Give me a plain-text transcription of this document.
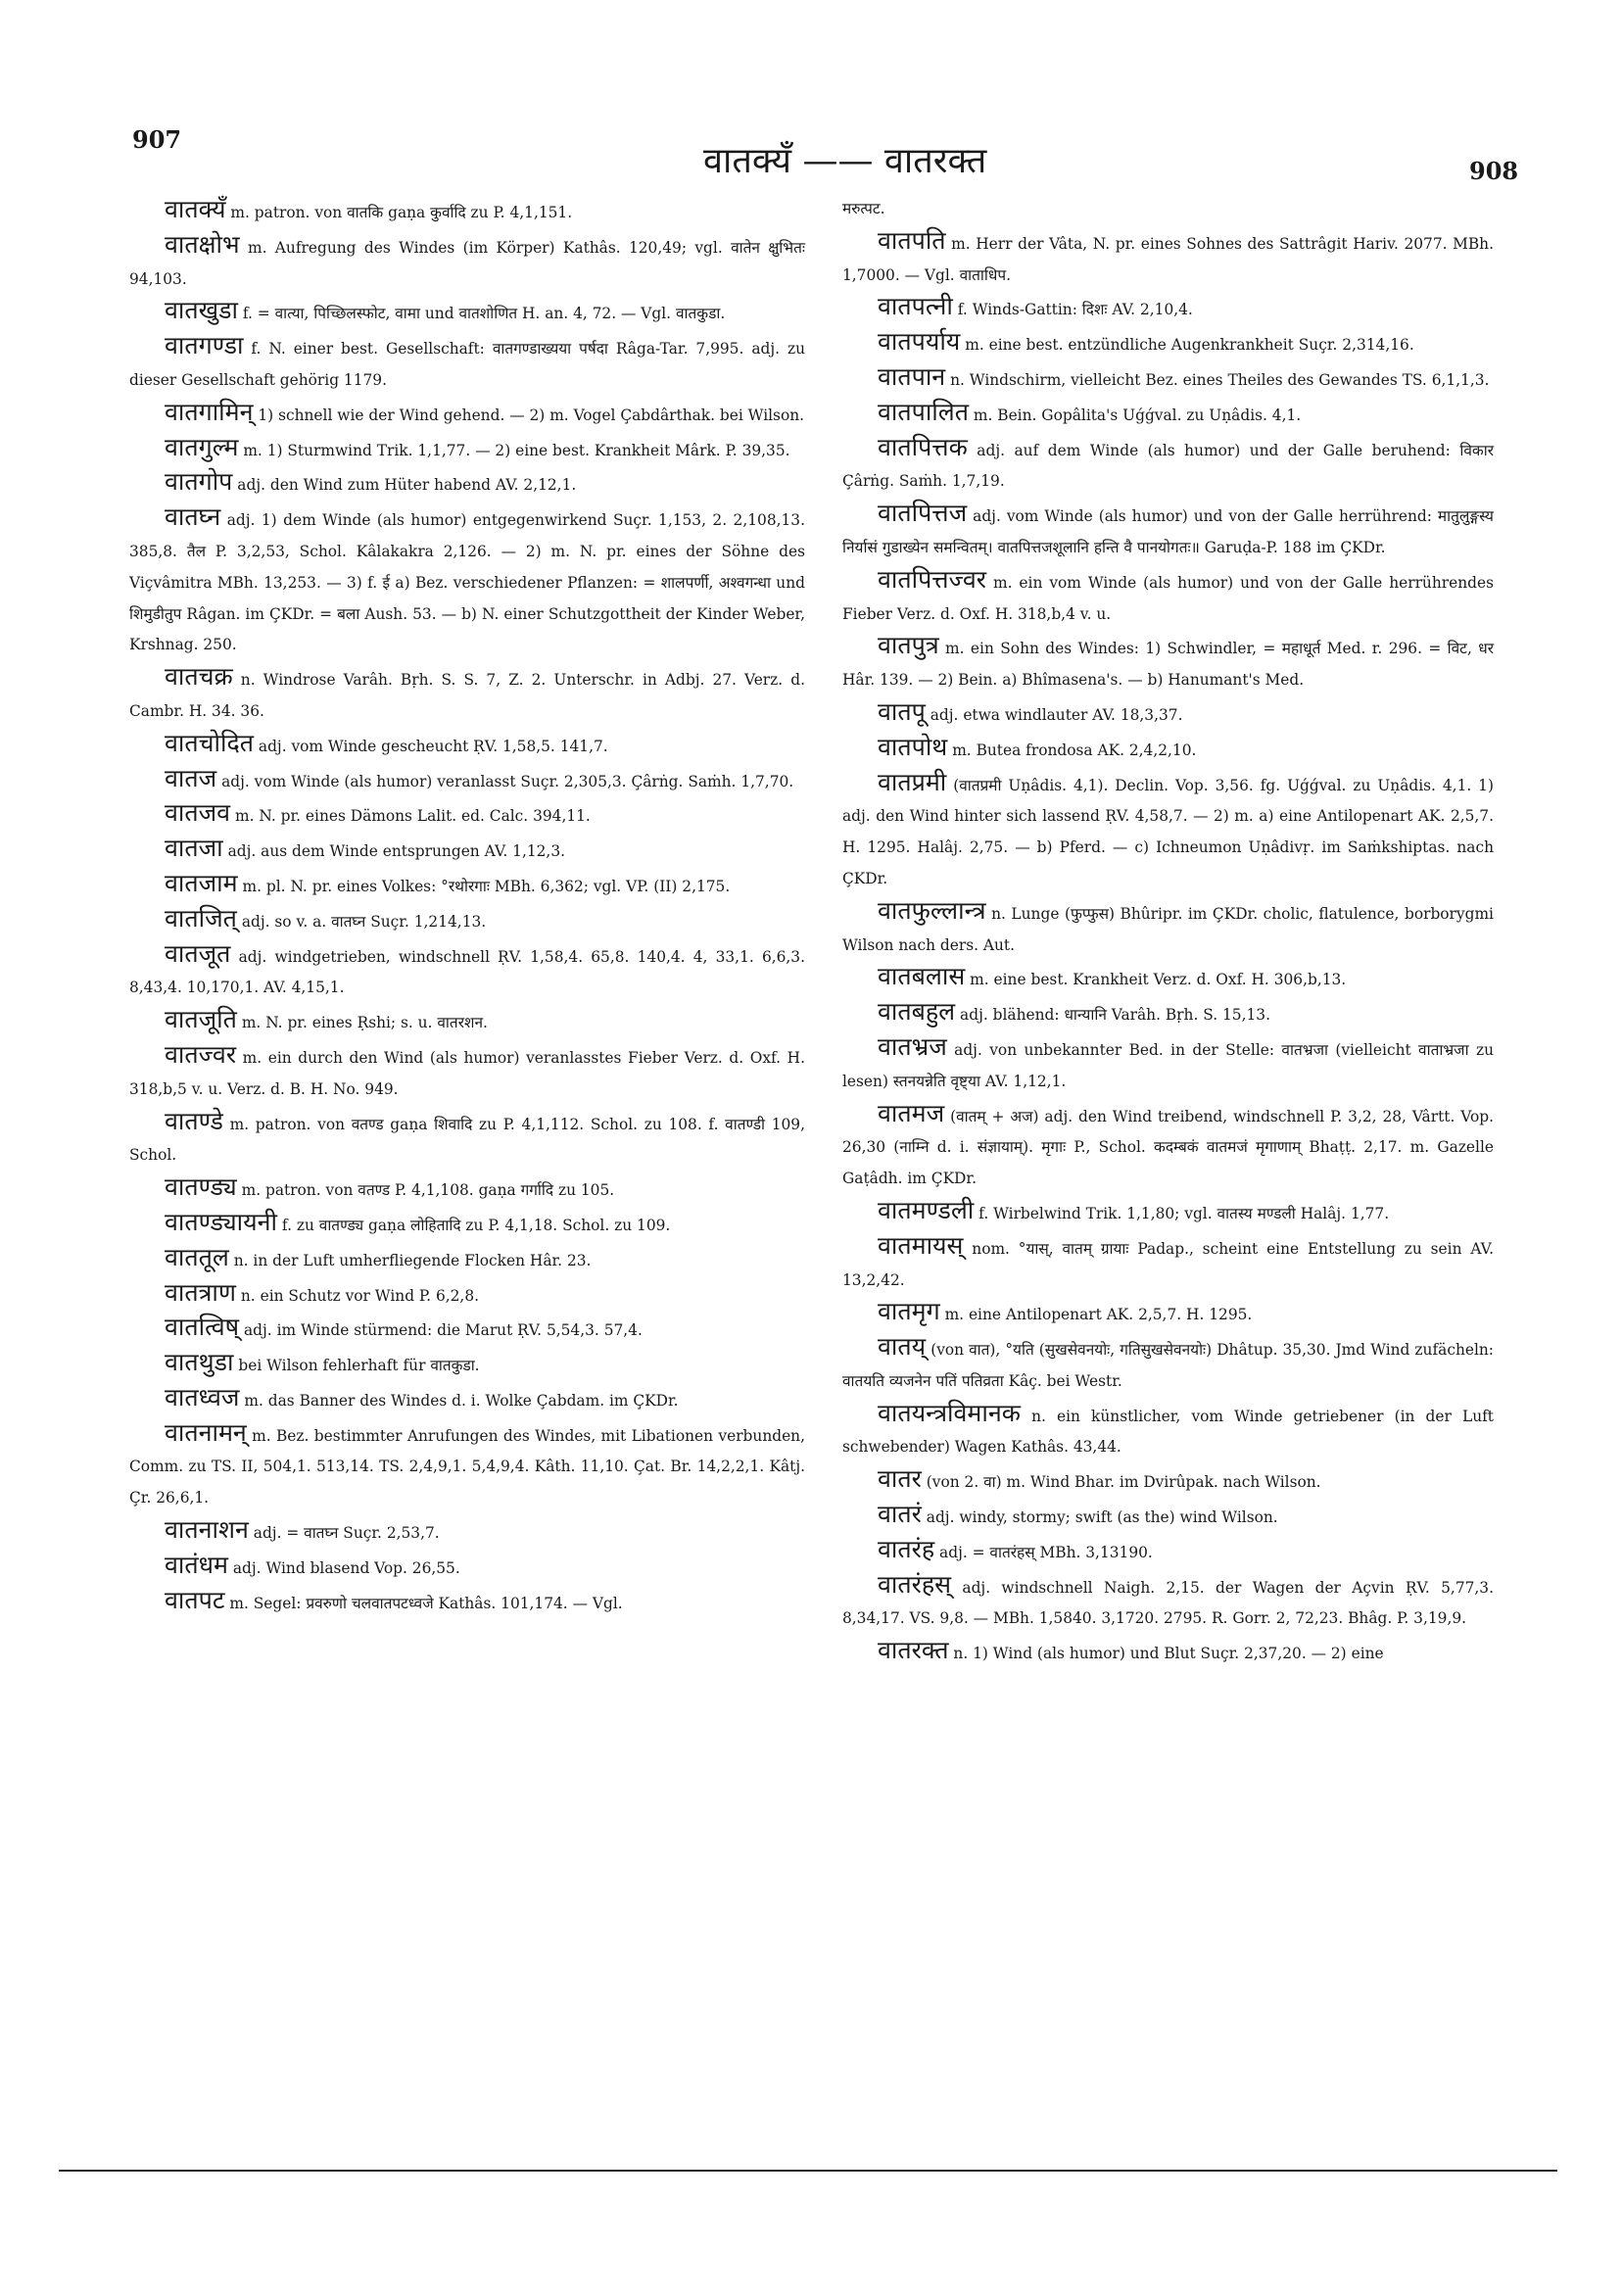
907
वातक्यँ —— वातरक्त	908

वातक्यँ m. patron. von वातकि gaṇa कुर्वादि zu P. 4,1,151.

वातक्षोभ m. Aufregung des Windes (im Körper) Kathâs. 120,49; vgl. वातेन क्षुभितः 94,103.

वातखुडा f. = वात्या, पिच्छिलस्फोट, वामा und वातशोणित H. an. 4, 72. — Vgl. वातकुडा.

वातगण्डा f. N. einer best. Gesellschaft: वातगण्डाख्यया पर्षदा Râga-Tar. 7,995. adj. zu dieser Gesellschaft gehörig 1179.

वातगामिन् 1) schnell wie der Wind gehend. — 2) m. Vogel Çabdârthak. bei Wilson.

वातगुल्म m. 1) Sturmwind Trik. 1,1,77. — 2) eine best. Krankheit Mârk. P. 39,35.

वातगोप adj. den Wind zum Hüter habend AV. 2,12,1.

वातघ्न adj. 1) dem Winde (als humor) entgegenwirkend Suçr. 1,153, 2. 2,108,13. 385,8. तैल P. 3,2,53, Schol. Kâlakakra 2,126. — 2) m. N. pr. eines der Söhne des Viçvâmitra MBh. 13,253. — 3) f. ई a) Bez. verschiedener Pflanzen: = शालपर्णी, अश्वगन्धा und शिमुडीतुप Râgan. im ÇKDr. = बला Aush. 53. — b) N. einer Schutzgottheit der Kinder Weber, Krshnag. 250.

वातचक्र n. Windrose Varâh. Bṛh. S. S. 7, Z. 2. Unterschr. in Adbj. 27. Verz. d. Cambr. H. 34. 36.

वातचोदित adj. vom Winde gescheucht ṚV. 1,58,5. 141,7.

वातज adj. vom Winde (als humor) veranlasst Suçr. 2,305,3. Çârṅg. Saṁh. 1,7,70.

वातजव m. N. pr. eines Dämons Lalit. ed. Calc. 394,11.

वातजा adj. aus dem Winde entsprungen AV. 1,12,3.

वातजाम m. pl. N. pr. eines Volkes: °रथोरगाः MBh. 6,362; vgl. VP. (II) 2,175.

वातजित् adj. so v. a. वातघ्न Suçr. 1,214,13.

वातजूत adj. windgetrieben, windschnell ṚV. 1,58,4. 65,8. 140,4. 4, 33,1. 6,6,3. 8,43,4. 10,170,1. AV. 4,15,1.

वातजूति m. N. pr. eines Ṛshi; s. u. वातरशन.

वातज्वर m. ein durch den Wind (als humor) veranlasstes Fieber Verz. d. Oxf. H. 318,b,5 v. u. Verz. d. B. H. No. 949.

वातण्डे m. patron. von वतण्ड gaṇa शिवादि zu P. 4,1,112. Schol. zu 108. f. वातण्डी 109, Schol.

वातण्ड्य m. patron. von वतण्ड P. 4,1,108. gaṇa गर्गादि zu 105.

वातण्ड्यायनी f. zu वातण्ड्य gaṇa लोहितादि zu P. 4,1,18. Schol. zu 109.

वाततूल n. in der Luft umherfliegende Flocken Hâr. 23.

वातत्राण n. ein Schutz vor Wind P. 6,2,8.

वातत्विष् adj. im Winde stürmend: die Marut ṚV. 5,54,3. 57,4.

वातथुडा bei Wilson fehlerhaft für वातकुडा.

वातध्वज m. das Banner des Windes d. i. Wolke Çabdam. im ÇKDr.

वातनामन् m. Bez. bestimmter Anrufungen des Windes, mit Libationen verbunden, Comm. zu TS. II, 504,1. 513,14. TS. 2,4,9,1. 5,4,9,4. Kâth. 11,10. Çat. Br. 14,2,2,1. Kâtj. Çr. 26,6,1.

वातनाशन adj. = वातघ्न Suçr. 2,53,7.

वातंधम adj. Wind blasend Vop. 26,55.

वातपट m. Segel: प्रवरुणो चलवातपटध्वजे Kathâs. 101,174. — Vgl.

मरुत्पट.

वातपति m. Herr der Vâta, N. pr. eines Sohnes des Sattrâgit Hariv. 2077. MBh. 1,7000. — Vgl. वाताधिप.

वातपत्नी f. Winds-Gattin: दिशः AV. 2,10,4.

वातपर्याय m. eine best. entzündliche Augenkrankheit Suçr. 2,314,16.

वातपान n. Windschirm, vielleicht Bez. eines Theiles des Gewandes TS. 6,1,1,3.

वातपालित m. Bein. Gopâlita's Uǵǵval. zu Uṇâdis. 4,1.

वातपित्तक adj. auf dem Winde (als humor) und der Galle beruhend: विकार Çârṅg. Saṁh. 1,7,19.

वातपित्तज adj. vom Winde (als humor) und von der Galle herrührend: मातुलुङ्गस्य निर्यासं गुडाख्येन समन्वितम्। वातपित्तजशूलानि हन्ति वै पानयोगतः॥ Garuḍa-P. 188 im ÇKDr.

वातपित्तज्वर m. ein vom Winde (als humor) und von der Galle herrührendes Fieber Verz. d. Oxf. H. 318,b,4 v. u.

वातपुत्र m. ein Sohn des Windes: 1) Schwindler, = महाधूर्त Med. r. 296. = विट, धर Hâr. 139. — 2) Bein. a) Bhîmasena's. — b) Hanumant's Med.

वातपू adj. etwa windlauter AV. 18,3,37.

वातपोथ m. Butea frondosa AK. 2,4,2,10.

वातप्रमी (वातप्रमी Uṇâdis. 4,1). Declin. Vop. 3,56. fg. Uǵǵval. zu Uṇâdis. 4,1. 1) adj. den Wind hinter sich lassend ṚV. 4,58,7. — 2) m. a) eine Antilopenart AK. 2,5,7. H. 1295. Halâj. 2,75. — b) Pferd. — c) Ichneumon Uṇâdivṛ. im Saṁkshiptas. nach ÇKDr.

वातफुल्लान्त्र n. Lunge (फुप्फुस) Bhûripr. im ÇKDr. cholic, flatulence, borborygmi Wilson nach ders. Aut.

वातबलास m. eine best. Krankheit Verz. d. Oxf. H. 306,b,13.

वातबहुल adj. blähend: धान्यानि Varâh. Bṛh. S. 15,13.

वातभ्रज adj. von unbekannter Bed. in der Stelle: वातभ्रजा (vielleicht वाताभ्रजा zu lesen) स्तनयन्नेति वृष्ट्या AV. 1,12,1.

वातमज (वातम् + अज) adj. den Wind treibend, windschnell P. 3,2, 28, Vârtt. Vop. 26,30 (नाम्नि d. i. संज्ञायाम्). मृगाः P., Schol. कदम्बकं वातमजं मृगाणाम् Bhaṭṭ. 2,17. m. Gazelle Gaṭâdh. im ÇKDr.

वातमण्डली f. Wirbelwind Trik. 1,1,80; vgl. वातस्य मण्डली Halâj. 1,77.

वातमायस् nom. °यास्, वातम् ग्रायाः Padap., scheint eine Entstellung zu sein AV. 13,2,42.

वातमृग m. eine Antilopenart AK. 2,5,7. H. 1295.

वातय् (von वात), °यति (सुखसेवनयोः, गतिसुखसेवनयोः) Dhâtup. 35,30. Jmd Wind zufächeln: वातयति व्यजनेन पतिं पतिव्रता Kâç. bei Westr.

वातयन्त्रविमानक n. ein künstlicher, vom Winde getriebener (in der Luft schwebender) Wagen Kathâs. 43,44.

वातर (von 2. वा) m. Wind Bhar. im Dvirûpak. nach Wilson.

वातरं adj. windy, stormy; swift (as the) wind Wilson.

वातरंह adj. = वातरंहस् MBh. 3,13190.

वातरंहस् adj. windschnell Naigh. 2,15. der Wagen der Açvin ṚV. 5,77,3. 8,34,17. VS. 9,8. — MBh. 1,5840. 3,1720. 2795. R. Gorr. 2, 72,23. Bhâg. P. 3,19,9.

वातरक्त n. 1) Wind (als humor) und Blut Suçr. 2,37,20. — 2) eine
